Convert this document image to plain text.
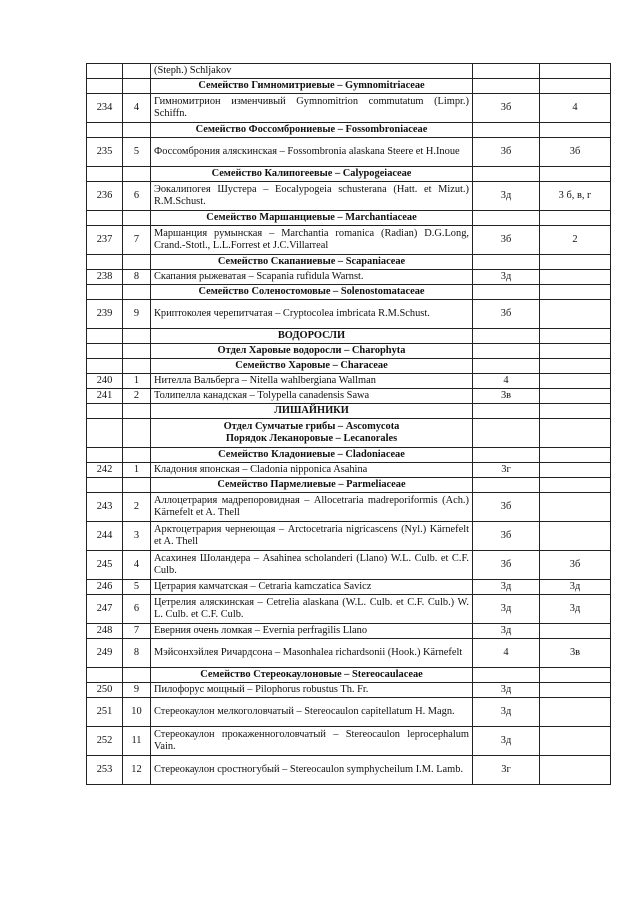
		(Steph.) Schljakov		
		Семейство Гимномитриевые – Gymnomitriaceae		
234	4	Гимномитрион изменчивый Gymnomitrion commutatum (Limpr.) Schiffn.	3б	4
		Семейство Фоссомброниевые – Fossombroniaceae		
235	5	Фоссомброния аляскинская – Fossombronia alaskana Steere et H.Inoue	3б	3б
		Семейство Калипогеевые – Calypogeiaceae		
236	6	Эокалипогея Шустера – Eocalypogeia schusterana (Hatt. et Mizut.) R.M.Schust.	3д	3 б, в, г
		Семейство Маршанциевые – Marchantiaceae		
237	7	Маршанция румынская – Marchantia romanica (Radian) D.G.Long, Crand.-Stotl., L.L.Forrest et J.C.Villarreal	3б	2
		Семейство Скапаниевые – Scapaniaceae		
238	8	Скапания рыжеватая – Scapania rufidula Warnst.	3д	
		Семейство Соленостомовые – Solenostomataceae		
239	9	Криптоколея черепитчатая – Cryptocolea imbricata R.M.Schust.	3б	
		ВОДОРОСЛИ		
		Отдел Харовые водоросли – Charophyta		
		Семейство Харовые – Characeae		
240	1	Нителла Вальберга – Nitella wahlbergiana Wallman	4	
241	2	Толипелла канадская – Tolypella canadensis Sawa	3в	
		ЛИШАЙНИКИ		

		Отдел Сумчатые грибы – Ascomycota
Порядок Леканоровые – Lecanorales		

		Семейство Кладониевые – Cladoniaceae		
242	1	Кладония японская – Cladonia nipponica Asahina	3г	
		Семейство Пармелиевые – Parmeliaceae		
243	2	Аллоцетрария мадрепоровидная – Allocetraria madreporiformis (Ach.) Kärnefelt et A. Thell	3б	
244	3	Арктоцетрария чернеющая – Arctocetraria nigricascens (Nyl.) Kärnefelt et A. Thell	3б	
245	4	Асахинея Шоландера – Asahinea scholanderi (Llano) W.L. Culb. et C.F. Culb.	3б	3б
246	5	Цетрария камчатская – Cetraria kamczatica Savicz	3д	3д
247	6	Цетрелия аляскинская – Cetrelia alaskana (W.L. Culb. et C.F. Culb.) W. L. Culb. et C.F. Culb.	3д	3д
248	7	Еверния очень ломкая – Evernia perfragilis Llano	3д	
249	8	Мэйсонхэйлея Ричардсона – Masonhalea richardsonii (Hook.) Kärnefelt	4	3в
		Семейство Стереокаулоновые – Stereocaulaceae		
250	9	Пилофорус мощный – Pilophorus robustus Th. Fr.	3д	
251	10	Стереокаулон мелкоголовчатый – Stereocaulon capitellatum H. Magn.	3д	
252	11	Стереокаулон прокаженноголовчатый – Stereocaulon leprocephalum Vain.	3д	
253	12	Стереокаулон сростногубый – Stereocaulon symphycheilum I.M. Lamb.	3г	
